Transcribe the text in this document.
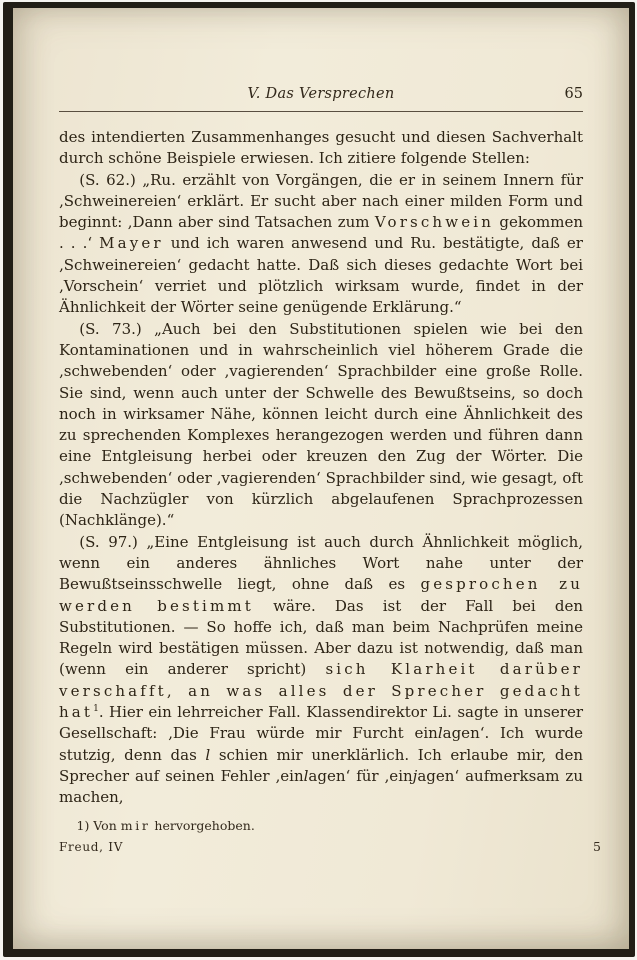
V. Das Versprechen	65

des intendierten Zusammenhanges gesucht und diesen Sachverhalt durch schöne Beispiele erwiesen. Ich zitiere folgende Stellen:

(S. 62.) „Ru. erzählt von Vorgängen, die er in seinem Innern für ‚Schweinereien‘ erklärt. Er sucht aber nach einer milden Form und beginnt: ‚Dann aber sind Tatsachen zum Vorschwein gekommen . . .‘ Mayer und ich waren anwesend und Ru. bestätigte, daß er ‚Schweinereien‘ gedacht hatte. Daß sich dieses gedachte Wort bei ‚Vorschein‘ verriet und plötzlich wirksam wurde, findet in der Ähnlichkeit der Wörter seine genügende Erklärung.“

(S. 73.) „Auch bei den Substitutionen spielen wie bei den Kontaminationen und in wahrscheinlich viel höherem Grade die ‚schwebenden‘ oder ‚vagierenden‘ Sprachbilder eine große Rolle. Sie sind, wenn auch unter der Schwelle des Bewußtseins, so doch noch in wirksamer Nähe, können leicht durch eine Ähnlichkeit des zu sprechenden Komplexes herangezogen werden und führen dann eine Entgleisung herbei oder kreuzen den Zug der Wörter. Die ‚schwebenden‘ oder ‚vagierenden‘ Sprachbilder sind, wie gesagt, oft die Nachzügler von kürzlich abgelaufenen Sprachprozessen (Nachklänge).“

(S. 97.) „Eine Entgleisung ist auch durch Ähnlichkeit möglich, wenn ein anderes ähnliches Wort nahe unter der Bewußtseinsschwelle liegt, ohne daß es gesprochen zu werden bestimmt wäre. Das ist der Fall bei den Substitutionen. — So hoffe ich, daß man beim Nachprüfen meine Regeln wird bestätigen müssen. Aber dazu ist notwendig, daß man (wenn ein anderer spricht) sich Klarheit darüber verschafft, an was alles der Sprecher gedacht hat$^1$. Hier ein lehrreicher Fall. Klassendirektor Li. sagte in unserer Gesellschaft: ‚Die Frau würde mir Furcht einlagen‘. Ich wurde stutzig, denn das l schien mir unerklärlich. Ich erlaube mir, den Sprecher auf seinen Fehler ‚einlagen‘ für ‚einjagen‘ aufmerksam zu machen,

1) Von mir hervorgehoben.
Freud, IV	5
